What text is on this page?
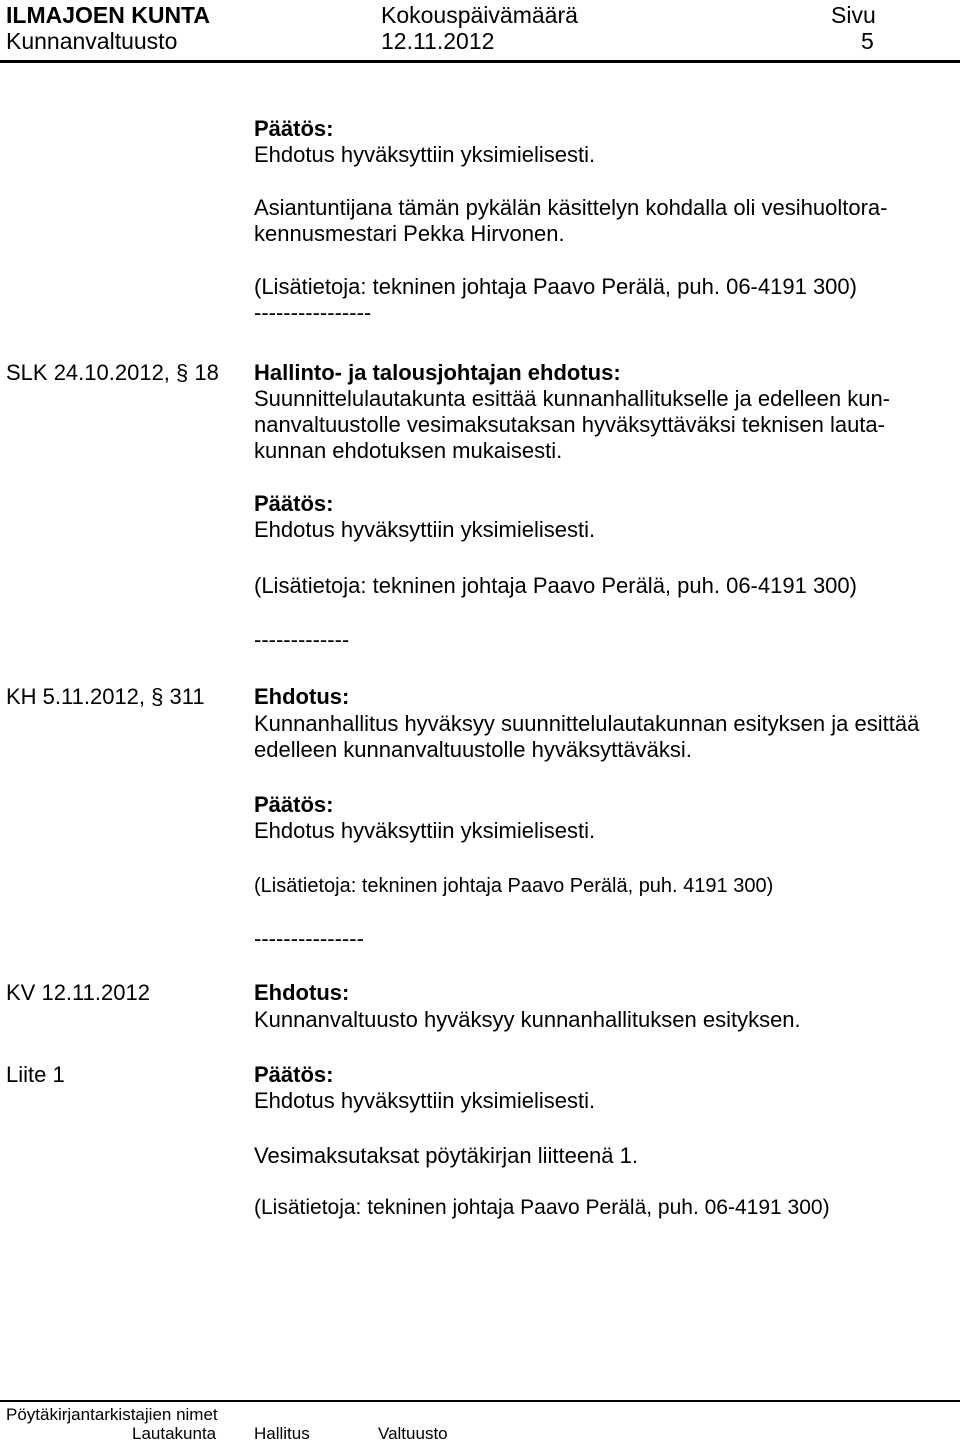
ILMAJOEN KUNTA
Kunnanvaltuusto
Kokouspäivämäärä
12.11.2012
Sivu
5
Päätös:
Ehdotus hyväksyttiin yksimielisesti.
Asiantuntijana tämän pykälän käsittelyn kohdalla oli vesihuoltora-
kennusmestari Pekka Hirvonen.
(Lisätietoja: tekninen johtaja Paavo Perälä, puh. 06-4191 300)
----------------
SLK 24.10.2012, § 18 Hallinto- ja talousjohtajan ehdotus:
Suunnittelulautakunta esittää kunnanhallitukselle ja edelleen kun-
nanvaltuustolle vesimaksutaksan hyväksyttäväksi teknisen lauta-
kunnan ehdotuksen mukaisesti.
Päätös:
Ehdotus hyväksyttiin yksimielisesti.
(Lisätietoja: tekninen johtaja Paavo Perälä, puh. 06-4191 300)
-------------
KH 5.11.2012, § 311 Ehdotus:
Kunnanhallitus hyväksyy suunnittelulautakunnan esityksen ja esittää
edelleen kunnanvaltuustolle hyväksyttäväksi.
Päätös:
Ehdotus hyväksyttiin yksimielisesti.
(Lisätietoja: tekninen johtaja Paavo Perälä, puh. 4191 300)
---------------
KV 12.11.2012	Ehdotus:
Kunnanvaltuusto hyväksyy kunnanhallituksen esityksen.
Liite 1	Päätös:
Ehdotus hyväksyttiin yksimielisesti.
Vesimaksutaksat pöytäkirjan liitteenä 1.
(Lisätietoja: tekninen johtaja Paavo Perälä, puh. 06-4191 300)
Pöytäkirjantarkistajien nimet
Lautakunta Hallitus	Valtuusto
